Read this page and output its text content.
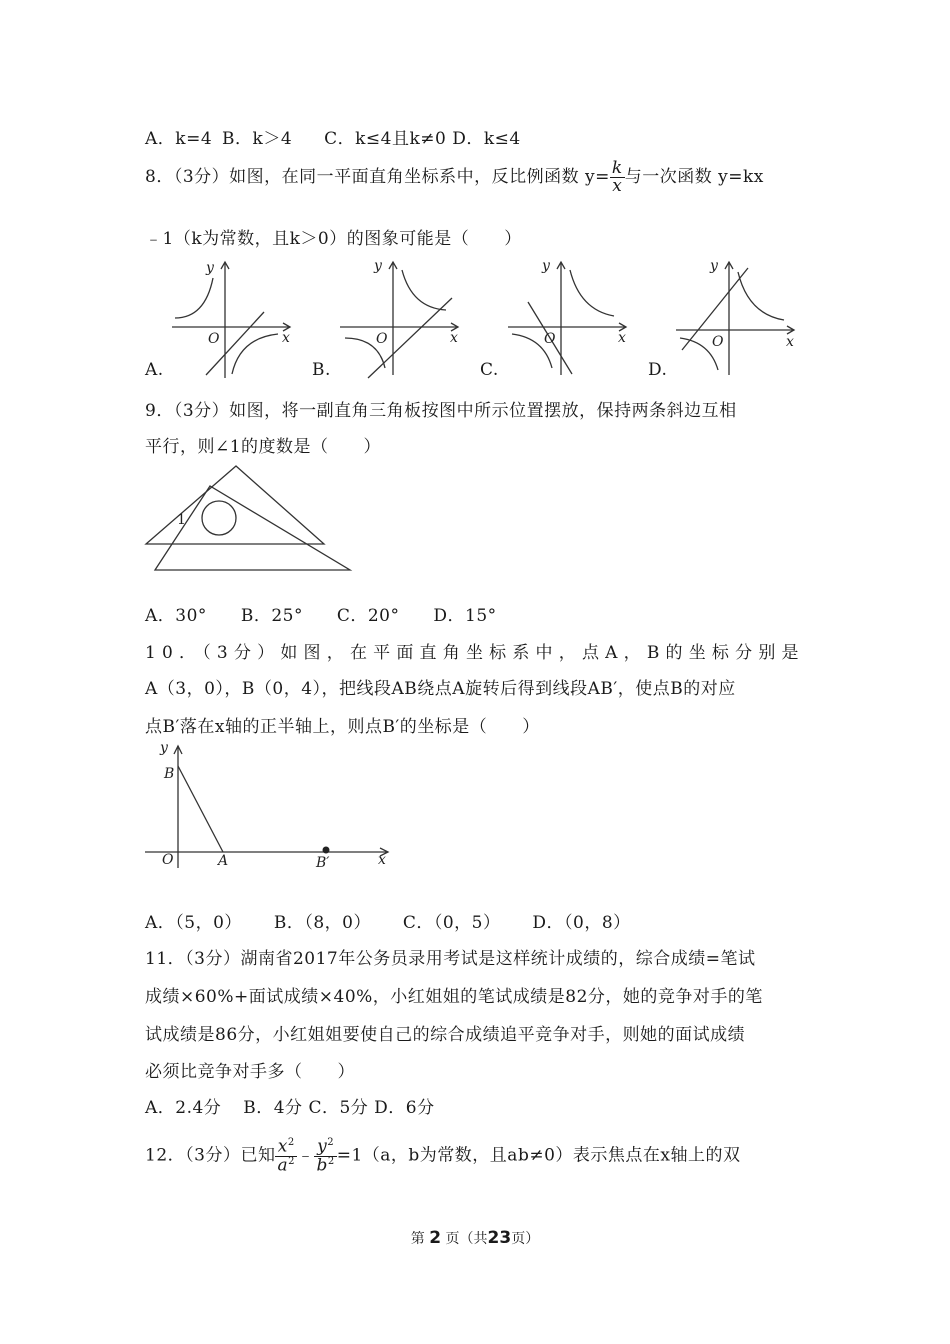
A．k=4 B．k＞4 C．k≤4且k≠0 D．k≤4
8．（3分）如图，在同一平面直角坐标系中，反比例函数 $y= \frac{k}{x}$ 与一次函数 y=kx
﹣1（k为常数，且k＞0）的图象可能是（　　）
y
x
O
y
x
O
y
x
O
y
x
O
A.	B.	C.	D.
9．（3分）如图，将一副直角三角板按图中所示位置摆放，保持两条斜边互相
平行，则∠1的度数是（　　）
1
A．30° B．25° C．20° D．15°
10．（3分）如图，在平面直角坐标系中，点A，B的坐标分别是
A（3，0），B（0，4），把线段AB绕点A旋转后得到线段AB′，使点B的对应
点B′落在x轴的正半轴上，则点B′的坐标是（　　）
y
x
B
O	A	B′
A．（5，0） B．（8，0） C．（0，5） D．（0，8）
11．（3分）湖南省2017年公务员录用考试是这样统计成绩的，综合成绩=笔试
成绩×60%+面试成绩×40%，小红姐姐的笔试成绩是82分，她的竞争对手的笔
试成绩是86分，小红姐姐要使自己的综合成绩追平竞争对手，则她的面试成绩
必须比竞争对手多（　　）
A．2.4分 B．4分 C．5分 D．6分
12．（3分）已知 $\frac{x^2}{a^2}$ ﹣ $\frac{y^2}{b^2} =1(a$，b为常数，且ab≠0）表示焦点在x轴上的双
第 2 页（共23页）
